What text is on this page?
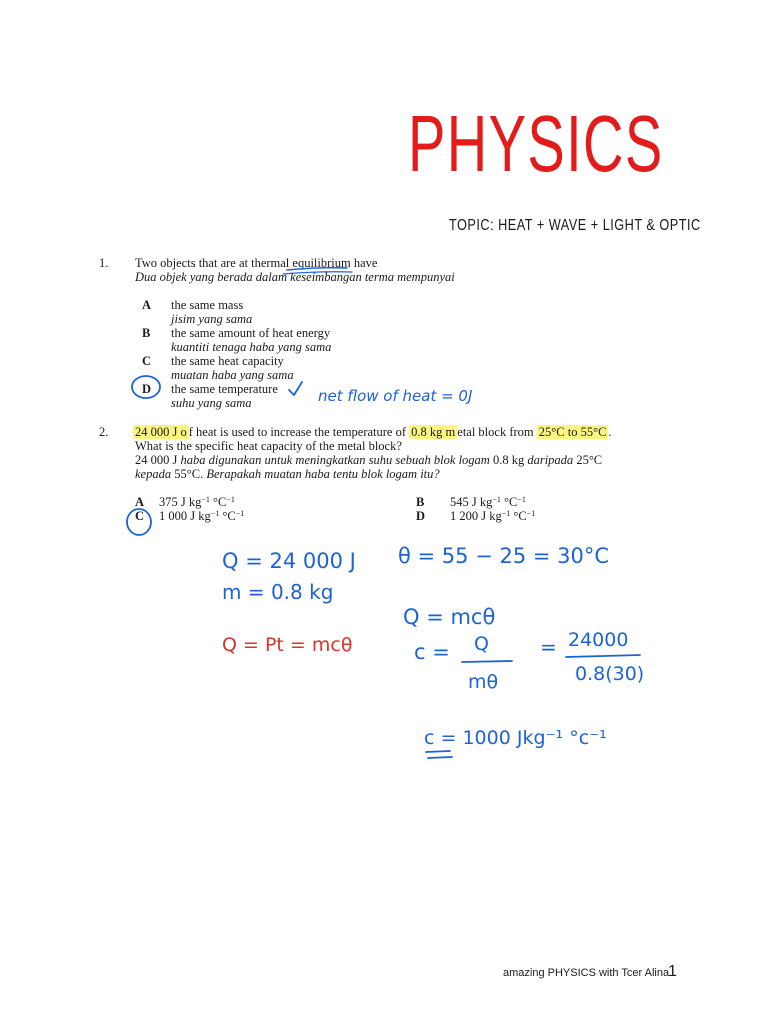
PHYSICS
TOPIC: HEAT + WAVE + LIGHT & OPTIC
1. Two objects that are at thermal equilibrium have
Dua objek yang berada dalam keseimbangan terma mempunyai
A the same mass
jisim yang sama
B the same amount of heat energy
kuantiti tenaga haba yang sama
C the same heat capacity
muatan haba yang sama
D the same temperature
suhu yang sama
2. 24 000 J o f heat is used to increase the temperature of 0.8 kg m etal block from 25°C to 55°C .
What is the specific heat capacity of the metal block?
24 000 J haba digunakan untuk meningkatkan suhu sebuah blok logam 0.8 kg daripada 25°C
kepada 55°C. Berapakah muatan haba tentu blok logam itu?
A 375 J $kg^{-1}$ $^\circ C^{-1}$	B 545 J $kg^{-1}$ $^\circ C^{-1}$
C 1 000 J $kg^{-1}$ $^\circ C^{-1}$	D 1 200 J $kg^{-1}$ $^\circ C^{-1}$
net flow of heat = 0J
Q = 24 000 J
m = 0.8 kg
Q = Pt = mcθ
θ = 55 − 25 = 30°C
Q = mcθ
c = Q
mθ
= 24000
0.8(30)
c = 1000 Jkg⁻¹ °c⁻¹
amazing PHYSICS with Tcer Alina
1
